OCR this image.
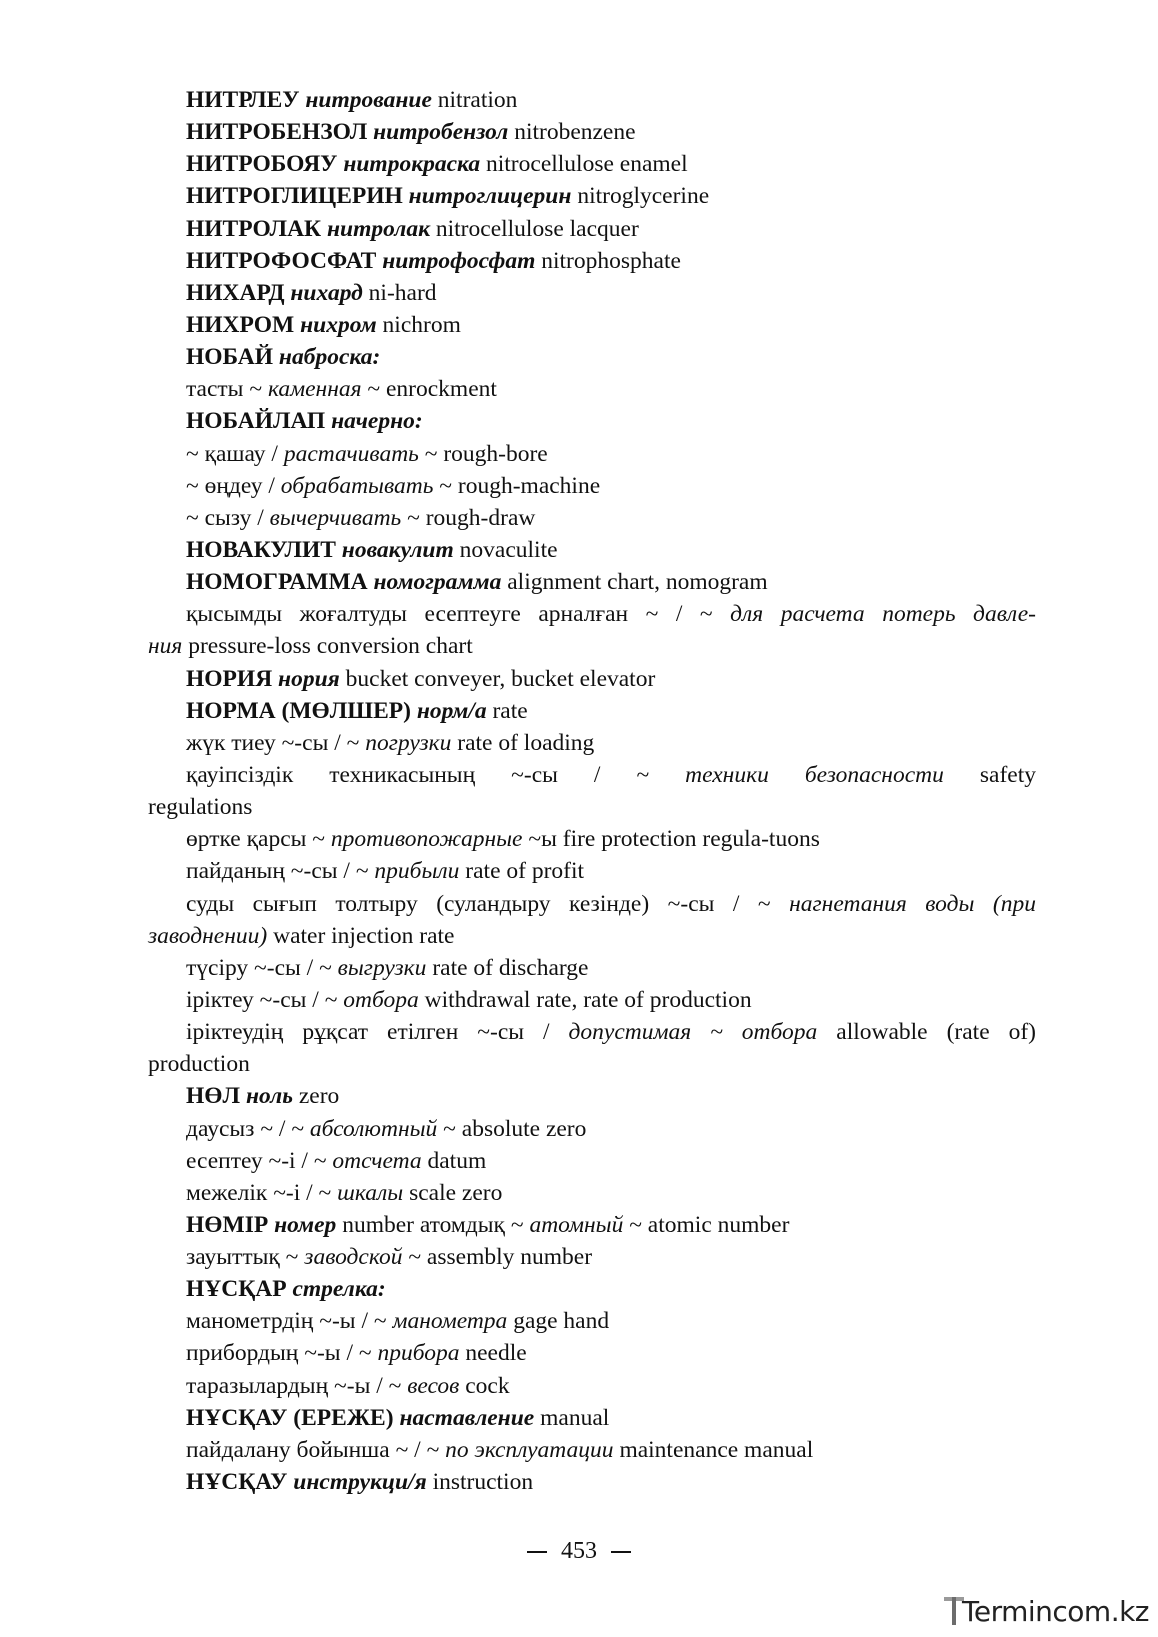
НИТРЛЕУ нитрование nitration
НИТРОБЕНЗОЛ нитробензол nitrobenzene
НИТРОБОЯУ нитрокраска nitrocellulose enamel
НИТРОГЛИЦЕРИН нитроглицерин nitroglycerine
НИТРОЛАК нитролак nitrocellulose lacquer
НИТРОФОСФАТ нитрофосфат nitrophosphate
НИХАРД нихард ni-hard
НИХРОМ нихром nichrom
НОБАЙ наброска:
тасты ~ каменная ~ enrockment
НОБАЙЛАП начерно:
~ қашау / растачивать ~ rough-bore
~ өңдеу / обрабатывать ~ rough-machine
~ сызу / вычерчивать ~ rough-draw
НОВАКУЛИТ новакулит novaculite
НОМОГРАММА номограмма alignment chart, nomogram
қысымды жоғалтуды есептеуге арналған ~ / ~ для расчета потерь давле-
ния pressure-loss conversion chart
НОРИЯ нория bucket conveyer, bucket elevator
НОРМА (МӨЛШЕР) норм/а rate
жүк тиеу ~-сы / ~ погрузки rate of loading
қауіпсіздік техникасының ~-сы / ~ техники безопасности safety
regulations
өртке қарсы ~ противопожарные ~ы fire protection regula-tuons
пайданың ~-сы / ~ прибыли rate of profit
суды сығып толтыру (суландыру кезінде) ~-сы / ~ нагнетания воды (при
заводнении) water injection rate
түсіру ~-сы / ~ выгрузки rate of discharge
іріктеу ~-сы / ~ отбора withdrawal rate, rate of production
іріктеудің рұқсат етілген ~-сы / допустимая ~ отбора allowable (rate of)
production
НӨЛ ноль zero
даусыз ~ / ~ абсолютный ~ absolute zero
есептеу ~-і / ~ отсчета datum
межелік ~-і / ~ шкалы scale zero
НӨМІР номер number атомдық ~ атомный ~ atomic number
зауыттық ~ заводской ~ assembly number
НҰСҚАР стрелка:
манометрдің ~-ы / ~ манометра gage hand
прибордың ~-ы / ~ прибора needle
таразылардың ~-ы / ~ весов cock
НҰСҚАУ (ЕРЕЖЕ) наставление manual
пайдалану бойынша ~ / ~ по эксплуатации maintenance manual
НҰСҚАУ инструкци/я instruction
453
Termincom.kz
